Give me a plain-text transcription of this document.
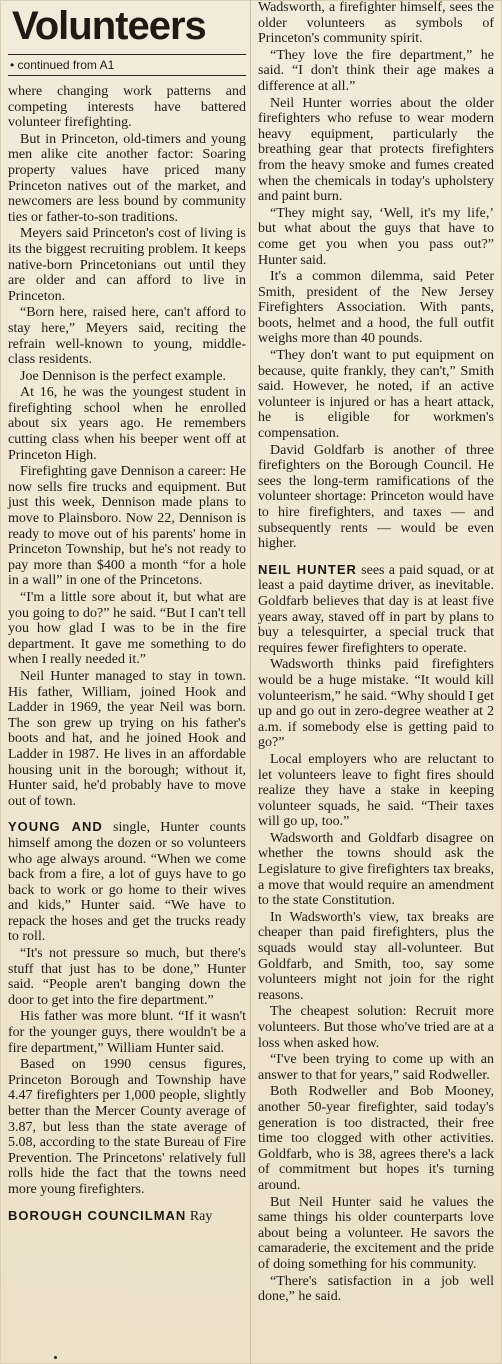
Volunteers
• continued from A1

where changing work patterns and competing interests have battered volunteer firefighting.

But in Princeton, old-timers and young men alike cite another factor: Soaring property values have priced many Princeton natives out of the market, and newcomers are less bound by community ties or father-to-son traditions.

Meyers said Princeton's cost of living is its the biggest recruiting problem. It keeps native-born Princetonians out until they are older and can afford to live in Princeton.

“Born here, raised here, can't afford to stay here,” Meyers said, reciting the refrain well-known to young, middle-class residents.

Joe Dennison is the perfect example.

At 16, he was the youngest student in firefighting school when he enrolled about six years ago. He remembers cutting class when his beeper went off at Princeton High.

Firefighting gave Dennison a career: He now sells fire trucks and equipment. But just this week, Dennison made plans to move to Plainsboro. Now 22, Dennison is ready to move out of his parents' home in Princeton Township, but he's not ready to pay more than $400 a month “for a hole in a wall” in one of the Princetons.

“I'm a little sore about it, but what are you going to do?” he said. “But I can't tell you how glad I was to be in the fire department. It gave me something to do when I really needed it.”

Neil Hunter managed to stay in town. His father, William, joined Hook and Ladder in 1969, the year Neil was born. The son grew up trying on his father's boots and hat, and he joined Hook and Ladder in 1987. He lives in an affordable housing unit in the borough; without it, Hunter said, he'd probably have to move out of town.

YOUNG AND single, Hunter counts himself among the dozen or so volunteers who age always around. “When we come back from a fire, a lot of guys have to go back to work or go home to their wives and kids,” Hunter said. “We have to repack the hoses and get the trucks ready to roll.

“It's not pressure so much, but there's stuff that just has to be done,” Hunter said. “People aren't banging down the door to get into the fire department.”

His father was more blunt. “If it wasn't for the younger guys, there wouldn't be a fire department,” William Hunter said.

Based on 1990 census figures, Princeton Borough and Township have 4.47 firefighters per 1,000 people, slightly better than the Mercer County average of 3.87, but less than the state average of 5.08, according to the state Bureau of Fire Prevention. The Princetons' relatively full rolls hide the fact that the towns need more young firefighters.

BOROUGH COUNCILMAN Ray

Wadsworth, a firefighter himself, sees the older volunteers as symbols of Princeton's community spirit.

“They love the fire department,” he said. “I don't think their age makes a difference at all.”

Neil Hunter worries about the older firefighters who refuse to wear modern heavy equipment, particularly the breathing gear that protects firefighters from the heavy smoke and fumes created when the chemicals in today's upholstery and paint burn.

“They might say, ‘Well, it's my life,’ but what about the guys that have to come get you when you pass out?” Hunter said.

It's a common dilemma, said Peter Smith, president of the New Jersey Firefighters Association. With pants, boots, helmet and a hood, the full outfit weighs more than 40 pounds.

“They don't want to put equipment on because, quite frankly, they can't,” Smith said. However, he noted, if an active volunteer is injured or has a heart attack, he is eligible for workmen's compensation.

David Goldfarb is another of three firefighters on the Borough Council. He sees the long-term ramifications of the volunteer shortage: Princeton would have to hire firefighters, and taxes — and subsequently rents — would be even higher.

NEIL HUNTER sees a paid squad, or at least a paid daytime driver, as inevitable. Goldfarb believes that day is at least five years away, staved off in part by plans to buy a telesquirter, a special truck that requires fewer firefighters to operate.

Wadsworth thinks paid firefighters would be a huge mistake. “It would kill volunteerism,” he said. “Why should I get up and go out in zero-degree weather at 2 a.m. if somebody else is getting paid to go?”

Local employers who are reluctant to let volunteers leave to fight fires should realize they have a stake in keeping volunteer squads, he said. “Their taxes will go up, too.”

Wadsworth and Goldfarb disagree on whether the towns should ask the Legislature to give firefighters tax breaks, a move that would require an amendment to the state Constitution.

In Wadsworth's view, tax breaks are cheaper than paid firefighters, plus the squads would stay all-volunteer. But Goldfarb, and Smith, too, say some volunteers might not join for the right reasons.

The cheapest solution: Recruit more volunteers. But those who've tried are at a loss when asked how.

“I've been trying to come up with an answer to that for years,” said Rodweller.

Both Rodweller and Bob Mooney, another 50-year firefighter, said today's generation is too distracted, their free time too clogged with other activities. Goldfarb, who is 38, agrees there's a lack of commitment but hopes it's turning around.

But Neil Hunter said he values the same things his older counterparts love about being a volunteer. He savors the camaraderie, the excitement and the pride of doing something for his community.

“There's satisfaction in a job well done,” he said.
